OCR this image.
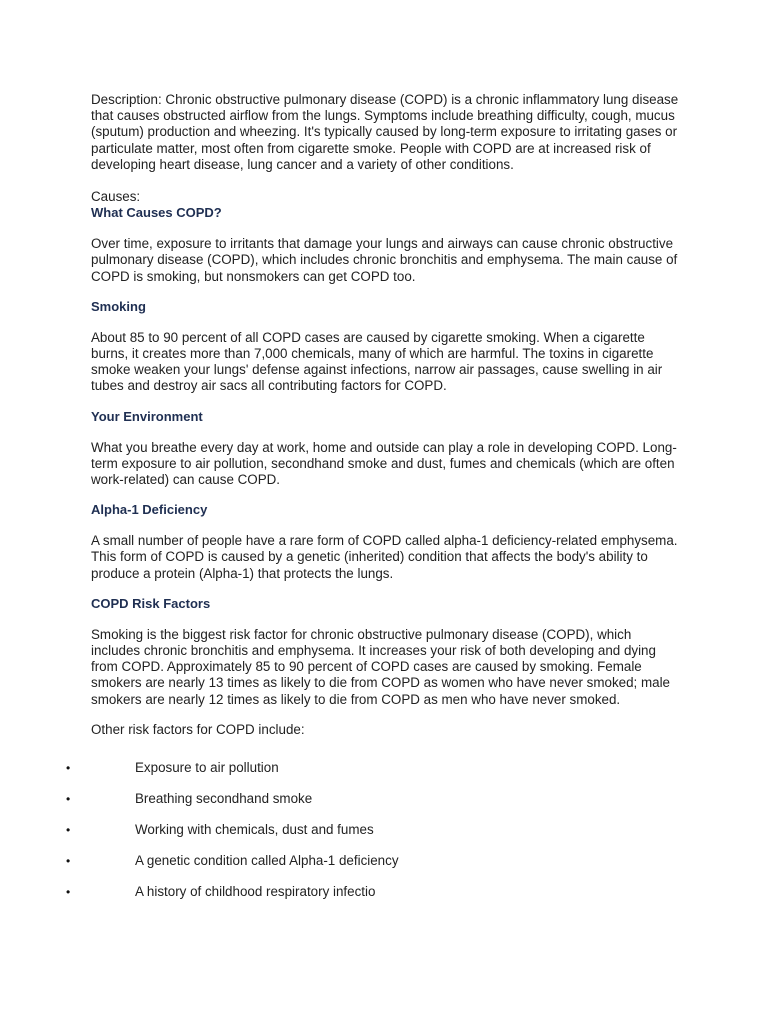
Description: Chronic obstructive pulmonary disease (COPD) is a chronic inflammatory lung disease that causes obstructed airflow from the lungs. Symptoms include breathing difficulty, cough, mucus (sputum) production and wheezing. It's typically caused by long-term exposure to irritating gases or particulate matter, most often from cigarette smoke. People with COPD are at increased risk of developing heart disease, lung cancer and a variety of other conditions.

Causes:

What Causes COPD?

Over time, exposure to irritants that damage your lungs and airways can cause chronic obstructive pulmonary disease (COPD), which includes chronic bronchitis and emphysema. The main cause of COPD is smoking, but nonsmokers can get COPD too.

Smoking

About 85 to 90 percent of all COPD cases are caused by cigarette smoking. When a cigarette burns, it creates more than 7,000 chemicals, many of which are harmful. The toxins in cigarette smoke weaken your lungs' defense against infections, narrow air passages, cause swelling in air tubes and destroy air sacs all contributing factors for COPD.

Your Environment

What you breathe every day at work, home and outside can play a role in developing COPD. Long-term exposure to air pollution, secondhand smoke and dust, fumes and chemicals (which are often work-related) can cause COPD.

Alpha-1 Deficiency

A small number of people have a rare form of COPD called alpha-1 deficiency-related emphysema. This form of COPD is caused by a genetic (inherited) condition that affects the body's ability to produce a protein (Alpha-1) that protects the lungs.

COPD Risk Factors

Smoking is the biggest risk factor for chronic obstructive pulmonary disease (COPD), which includes chronic bronchitis and emphysema. It increases your risk of both developing and dying from COPD. Approximately 85 to 90 percent of COPD cases are caused by smoking. Female smokers are nearly 13 times as likely to die from COPD as women who have never smoked; male smokers are nearly 12 times as likely to die from COPD as men who have never smoked.

Other risk factors for COPD include:

•	Exposure to air pollution
•	Breathing secondhand smoke
•	Working with chemicals, dust and fumes
•	A genetic condition called Alpha-1 deficiency
•	A history of childhood respiratory infectio
